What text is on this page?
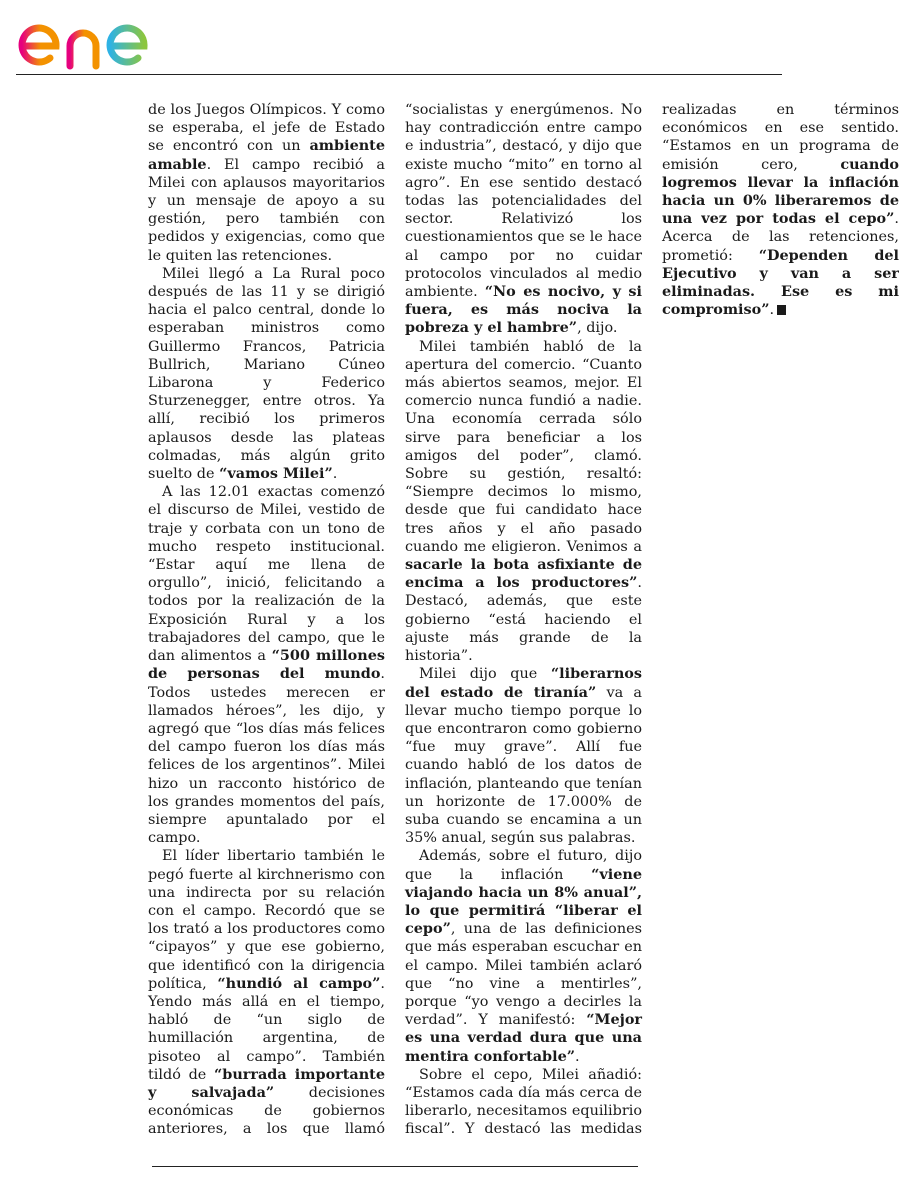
de los Juegos Olímpicos. Y como se esperaba, el jefe de Estado se encontró con un ambiente amable. El campo recibió a Milei con aplausos mayoritarios y un mensaje de apoyo a su gestión, pero también con pedidos y exigencias, como que le quiten las retenciones.

Milei llegó a La Rural poco después de las 11 y se dirigió hacia el palco central, donde lo esperaban ministros como Guillermo Francos, Patricia Bullrich, Mariano Cúneo Libarona y Federico Sturzenegger, entre otros. Ya allí, recibió los primeros aplausos desde las plateas colmadas, más algún grito suelto de “vamos Milei”.

A las 12.01 exactas comenzó el discurso de Milei, vestido de traje y corbata con un tono de mucho respeto institucional. “Estar aquí me llena de orgullo”, inició, felicitando a todos por la realización de la Exposición Rural y a los trabajadores del campo, que le dan alimentos a “500 millones de personas del mundo. Todos ustedes merecen er llamados héroes”, les dijo, y agregó que “los días más felices del campo fueron los días más felices de los argentinos”. Milei hizo un racconto histórico de los grandes momentos del país, siempre apuntalado por el campo.

El líder libertario también le pegó fuerte al kirchnerismo con una indirecta por su relación con el campo. Recordó que se los trató a los productores como “cipayos” y que ese gobierno, que identificó con la dirigencia política, “hundió al campo”. Yendo más allá en el tiempo, habló de “un siglo de humillación argentina, de pisoteo al campo”. También tildó de “burrada importante y salvajada” decisiones económicas de gobiernos anteriores, a los que llamó “socialistas y energúmenos. No hay contradicción entre campo e industria”, destacó, y dijo que existe mucho “mito” en torno al agro”. En ese sentido destacó todas las potencialidades del sector. Relativizó los cuestionamientos que se le hace al campo por no cuidar protocolos vinculados al medio ambiente. “No es nocivo, y si fuera, es más nociva la pobreza y el hambre”, dijo.

Milei también habló de la apertura del comercio. “Cuanto más abiertos seamos, mejor. El comercio nunca fundió a nadie. Una economía cerrada sólo sirve para beneficiar a los amigos del poder”, clamó. Sobre su gestión, resaltó: “Siempre decimos lo mismo, desde que fui candidato hace tres años y el año pasado cuando me eligieron. Venimos a sacarle la bota asfixiante de encima a los productores”. Destacó, además, que este gobierno “está haciendo el ajuste más grande de la historia”.

Milei dijo que “liberarnos del estado de tiranía” va a llevar mucho tiempo porque lo que encontraron como gobierno “fue muy grave”. Allí fue cuando habló de los datos de inflación, planteando que tenían un horizonte de 17.000% de suba cuando se encamina a un 35% anual, según sus palabras.

Además, sobre el futuro, dijo que la inflación “viene viajando hacia un 8% anual”, lo que permitirá “liberar el cepo”, una de las definiciones que más esperaban escuchar en el campo. Milei también aclaró que “no vine a mentirles”, porque “yo vengo a decirles la verdad”. Y manifestó: “Mejor es una verdad dura que una mentira confortable”.

Sobre el cepo, Milei añadió: “Estamos cada día más cerca de liberarlo, necesitamos equilibrio fiscal”. Y destacó las medidas realizadas en términos económicos en ese sentido. “Estamos en un programa de emisión cero, cuando logremos llevar la inflación hacia un 0% liberaremos de una vez por todas el cepo”. Acerca de las retenciones, prometió: “Dependen del Ejecutivo y van a ser eliminadas. Ese es mi compromiso”.
